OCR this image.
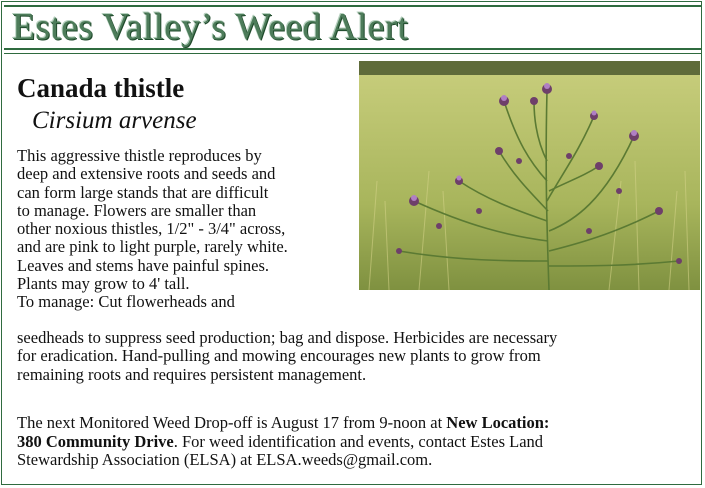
Estes Valley’s Weed Alert
Canada thistle
Cirsium arvense
This aggressive thistle reproduces by
deep and extensive roots and seeds and
can form large stands that are difficult
to manage. Flowers are smaller than
other noxious thistles, 1/2" - 3/4" across,
and are pink to light purple, rarely white.
Leaves and stems have painful spines.
Plants may grow to 4' tall.
To manage: Cut flowerheads and
seedheads to suppress seed production; bag and dispose. Herbicides are necessary
for eradication. Hand-pulling and mowing encourages new plants to grow from
remaining roots and requires persistent management.
The next Monitored Weed Drop-off is August 17 from 9-noon at New Location:
380 Community Drive. For weed identification and events, contact Estes Land
Stewardship Association (ELSA) at ELSA.weeds@gmail.com.
